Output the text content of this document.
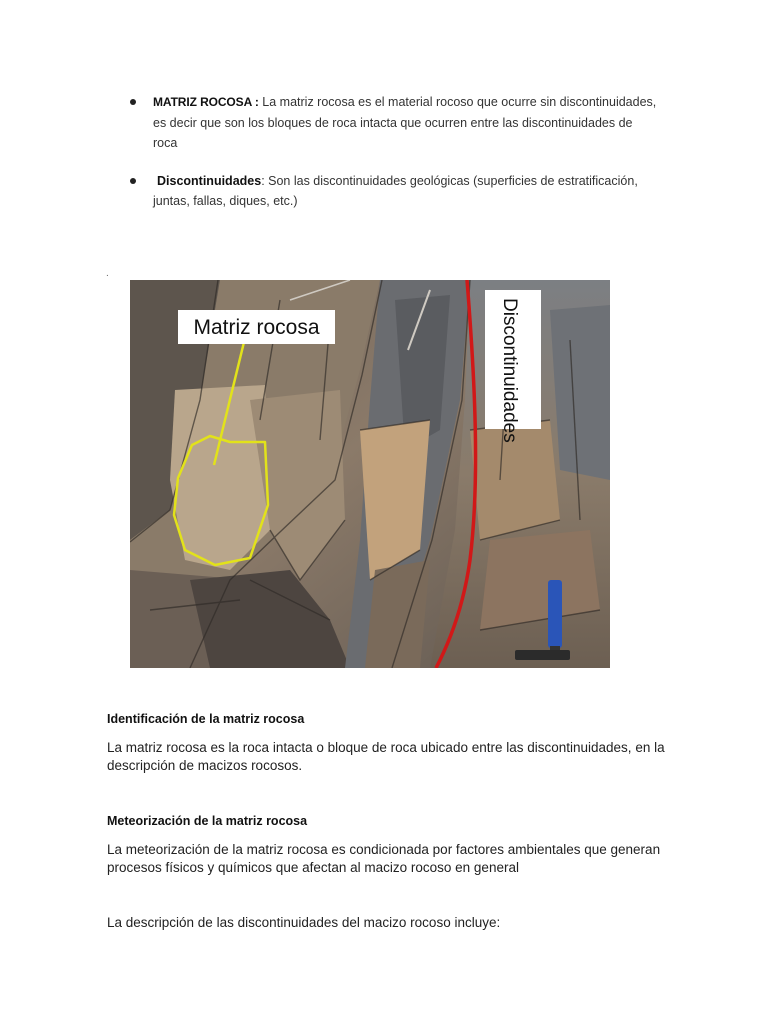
MATRIZ ROCOSA : La matriz rocosa es el material rocoso que ocurre sin discontinuidades, es decir que son los bloques de roca intacta que ocurren entre las discontinuidades de roca
Discontinuidades: Son las discontinuidades geológicas (superficies de estratificación, juntas, fallas, diques, etc.)
.
Matriz rocosa	Discontinuidades
Identificación de la matriz rocosa

La matriz rocosa es la roca intacta o bloque de roca ubicado entre las discontinuidades, en la descripción de macizos rocosos.

Meteorización de la matriz rocosa

La meteorización de la matriz rocosa es condicionada por factores ambientales que generan procesos físicos y químicos que afectan al macizo rocoso en general

La descripción de las discontinuidades del macizo rocoso incluye:
